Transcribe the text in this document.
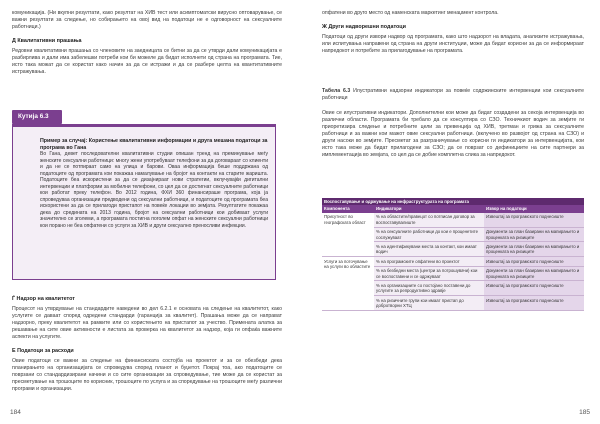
комуникација. (Ни вкупни резултати, како резултат на ХИВ тест или асимптоматски вирусно оптоварување, се важни резултати за следење, но собирањето на овој вид на податоци не е одговорност на сексуалните работници.)
Д Квалитативни прашања
Редовни квалитативни прашања со членовите на заедницата се битни за да се утврди дали комуникацијата е разбирлива и дали има забелешки потреби кои би можеле да бидат исполнети од страна на програмата. Тие, исто така можат да се користат како начин за да се истражи и да се разбере целта на квантитативните истражувања.
Кутија 6.3
Пример за случај: Користење квалитативни информации и друга мешана податоци за програма во Гана
Во Гана, девет последователни квалитативни студии опишан тренд на преминување меѓу женските сексуални работници: многу жени употребуваат телефони за да договараат со клиенти и да не се потпираат само на улица и барови. Оваа информација беше поддржана од податоците од програмата кои покажаа намалување на бројот на контакти на старите жаришта. Податоците беа искористени за да се дизајнираат нови стратегии, вклучувајќи дигитални интервенции и платформи за мобилни телефони, со цел да се достигнат сексуалните работници кои работат преку телефон. Во 2012 година, ФХИ 360 финансираше програма, која ја спроведуваа организации предводени од сексуални работници, и податоците од програмата беа искористени за да се прилагоди пристапот на повеќе локации во земјата. Резултатите покажаа дека до средината на 2013 година, бројот на сексуални работници кои добиваат услуги значително се зголеми, а програмата постигна поголем опфат на женските сексуални работници кои порано не беа опфатени со услуги за ХИВ и други сексуално преносливи инфекции.
Ѓ Надзор на квалитетот
Процесот на утврдување на стандардите наведени во дел 6.2.1 е основата на следење на квалитетот, како услугите се даваат според одредени стандарди (гаранција за квалитет). Прашања може да се направат надзорно, преку квалитетот на рамките или со користењето на пристапот за учество. Примената алатка за решавање на сите овие активности е листата за проверка на квалитетот за надзор, која ги опфаќа важните аспекти на услугите.
Е Податоци за расходи
Овие податоци се важни за следење на финансиската состојба на проектот и за се обезбеди дека планирањето на организацијата се спроведува според планот и буџетот. Покрај тоа, ако податоците се поврзани со стандардизирани начини и со сите организации за спроведување, тие може да се користат за пресметување на трошоците по корисник, трошоците по услуга и за споредување на трошоците меѓу различни програми и организации.
184
опфатени во друго место од наменската маркетинг менаџмент контрола.
Ж Други надворешни податоци
Податоци од други извори надвор од програмата, како што надзорот на владата, анализите истражувања, или испитувања направени од страна на други институции, може да бидат корисни за да се информираат напредокот и потребите за прилагодување на програмата.
Табела 6.3 Илустративни надзорни индикатори за повеќе содржинските интервенции кои сексуалните работници
Овие се илустративни индикатори. Дополнителни кои може да бидат создадени за секоја интервенција во различни области. Програмата би требало да се консултира со СЗО. Техничкиот водич за земјите ги приоретизира следење и потребните цели за превенција од ХИВ, третман и грижа за сексуалните работници и за важни кои мажот овие сексуални работници. (вклучено во развојот од страна на СЗО) и други насоки во земјите. Пресметат за разграничување со корисни ги индикатори за интервенцијата, кои исто така може да бидат прилагодени за СЗО; да се поврзат со дефинициите на сите партнери за имплементација во земјата, со цел да се добие комплетна слика за напредокот.
Воспоставување и одржување на инфраструктурата на програмата		
Компонента	Индикатори	Извор на податоци
Присутност во географската област	% на областите/правецот со потписан договор за воспоставувалиште	Извештај за програмското поднесиште
	% на сексуалните работници до кои е проценетите сослужуваат	Документи за план базирани на мапирањето и проценката на ризиците
	% на идентификувани места за контакт, кои имаат водич	Документи за план базирани на мапирањето и проценката на ризиците
Услуги за поточување на услуги во областите	% на програмските опфатени во проектот	Извештај за програмското поднесиште
	% на безбедни места (центри за потрошувачи) кои се воспоставени и се одржуваат	Документи за план базирани на мапирањето и проценката на ризиците
	% на организациите со постојано поставени до услугите за репродуктивно здравје	Извештај за програмското поднесиште
	% на ризичните групи кои имаат пристап до добротворни ХТЦ	Извештај за програмското поднесиште
185
